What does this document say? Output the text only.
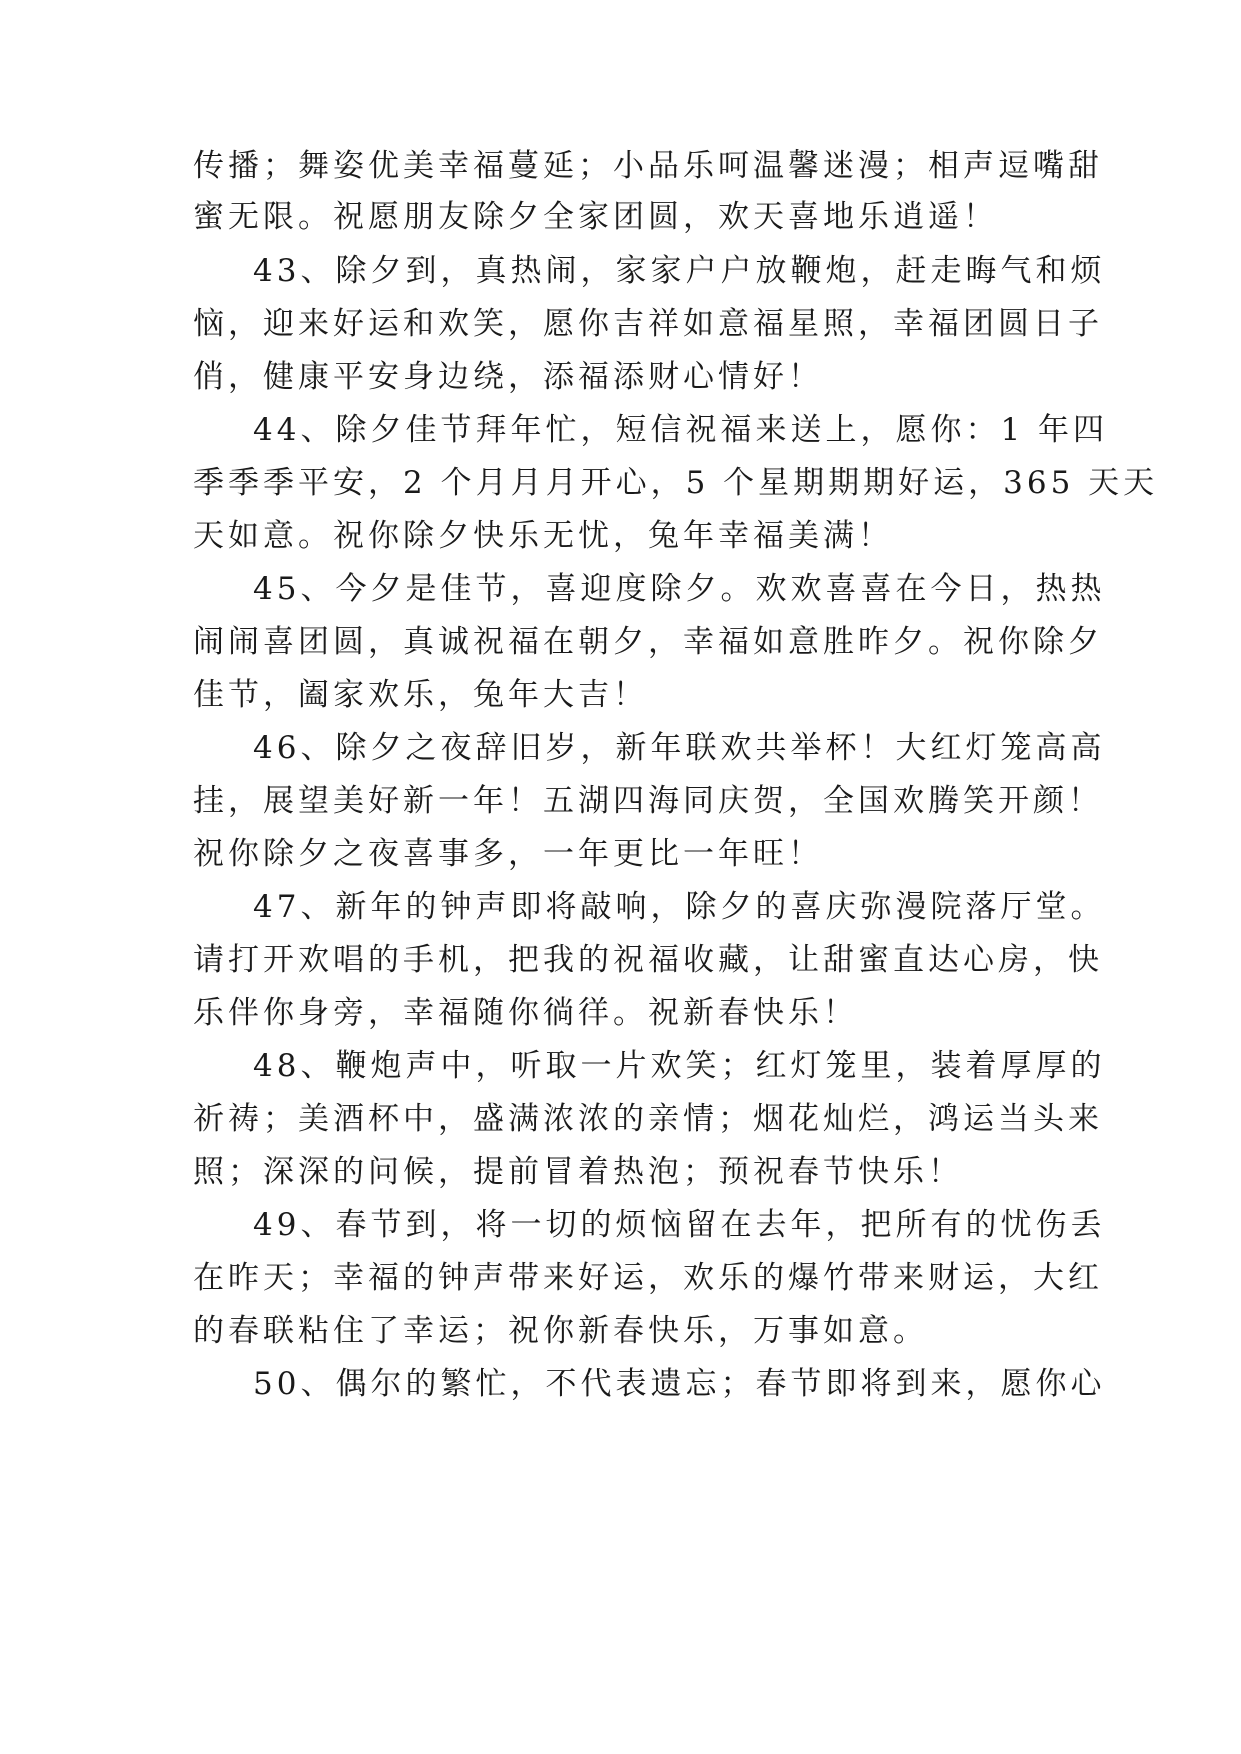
传播；舞姿优美幸福蔓延；小品乐呵温馨迷漫；相声逗嘴甜
蜜无限。祝愿朋友除夕全家团圆，欢天喜地乐逍遥！
43、除夕到，真热闹，家家户户放鞭炮，赶走晦气和烦
恼，迎来好运和欢笑，愿你吉祥如意福星照，幸福团圆日子
俏，健康平安身边绕，添福添财心情好！
44、除夕佳节拜年忙，短信祝福来送上，愿你：1 年四
季季季平安，2 个月月月开心，5 个星期期期好运，365 天天
天如意。祝你除夕快乐无忧，兔年幸福美满！
45、今夕是佳节，喜迎度除夕。欢欢喜喜在今日，热热
闹闹喜团圆，真诚祝福在朝夕，幸福如意胜昨夕。祝你除夕
佳节，阖家欢乐，兔年大吉！
46、除夕之夜辞旧岁，新年联欢共举杯！大红灯笼高高
挂，展望美好新一年！五湖四海同庆贺，全国欢腾笑开颜！
祝你除夕之夜喜事多，一年更比一年旺！
47、新年的钟声即将敲响，除夕的喜庆弥漫院落厅堂。
请打开欢唱的手机，把我的祝福收藏，让甜蜜直达心房，快
乐伴你身旁，幸福随你徜徉。祝新春快乐！
48、鞭炮声中，听取一片欢笑；红灯笼里，装着厚厚的
祈祷；美酒杯中，盛满浓浓的亲情；烟花灿烂，鸿运当头来
照；深深的问候，提前冒着热泡；预祝春节快乐！
49、春节到，将一切的烦恼留在去年，把所有的忧伤丢
在昨天；幸福的钟声带来好运，欢乐的爆竹带来财运，大红
的春联粘住了幸运；祝你新春快乐，万事如意。
50、偶尔的繁忙，不代表遗忘；春节即将到来，愿你心
